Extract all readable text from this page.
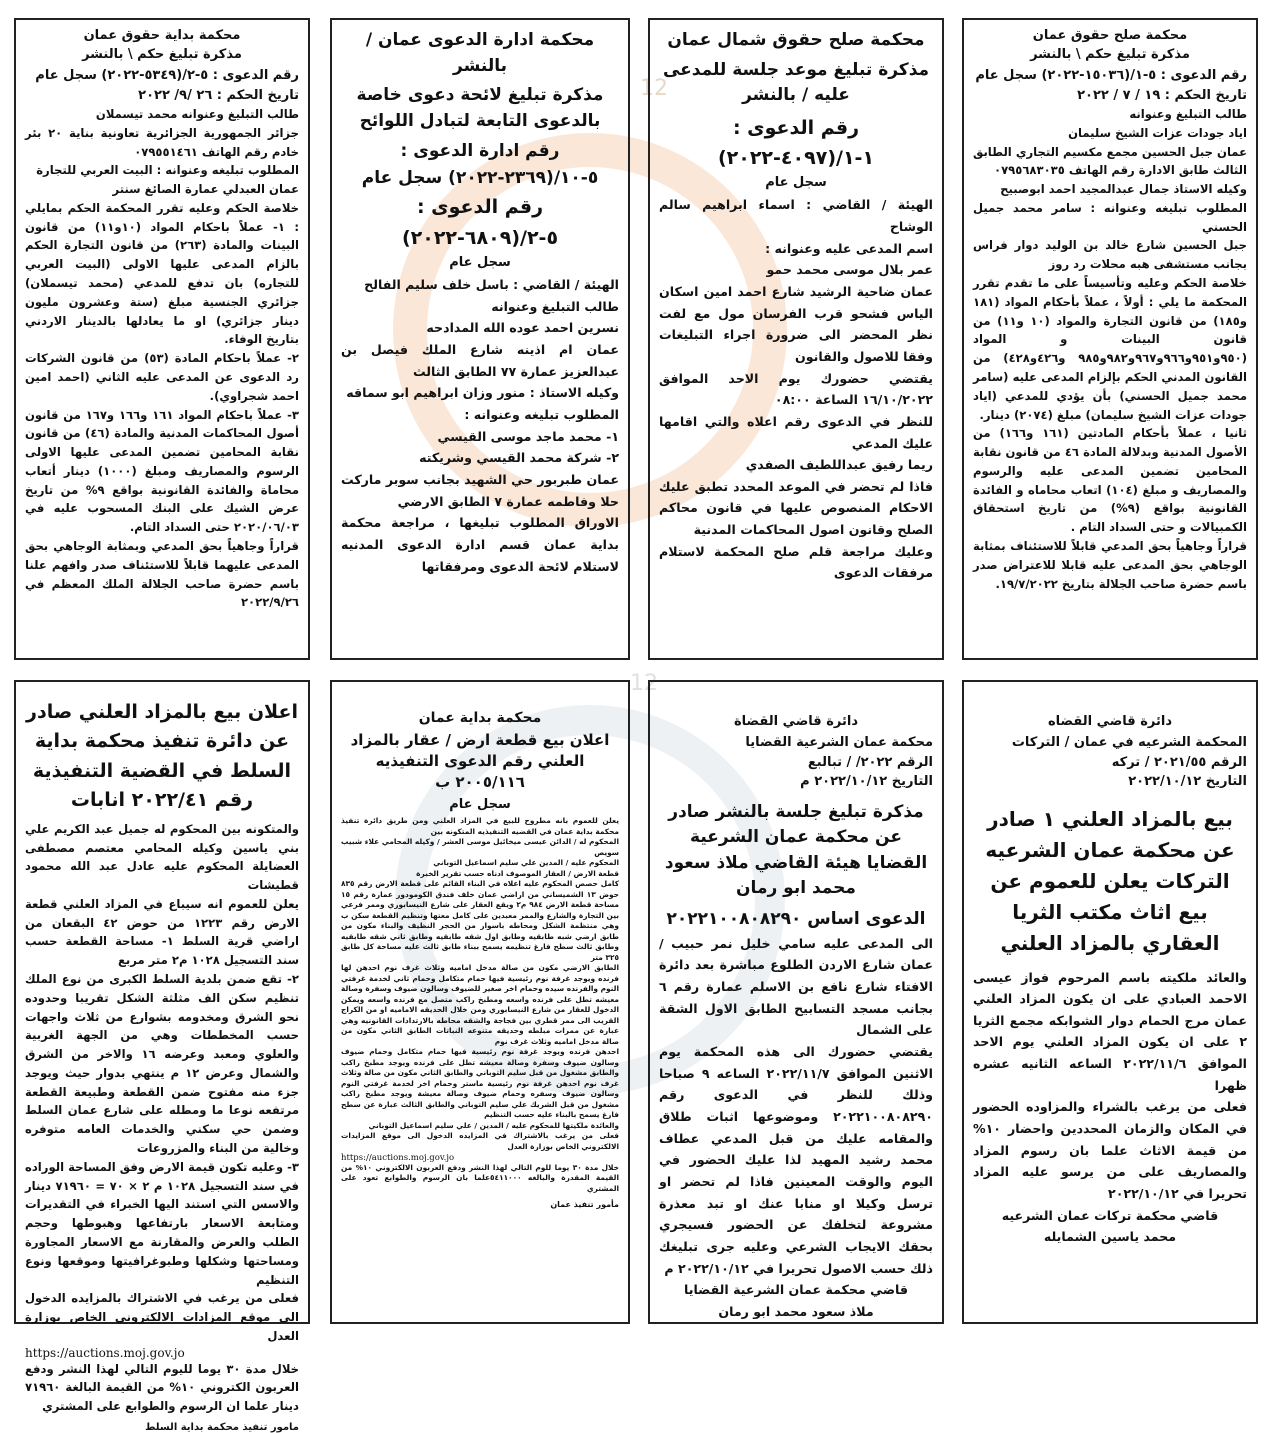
12
12
محكمة صلح حقوق عمان
مذكرة تبليغ حكم \ بالنشر
رقم الدعوى : ٥-١/(١٥٠٣٦-٢٠٢٢) سجل عام
تاريخ الحكم : ١٩ / ٧ / ٢٠٢٢

طالب التبليغ وعنوانه

اياد جودات عزات الشيخ سليمان

عمان جبل الحسين مجمع مكسيم التجاري الطابق الثالث طابق الادارة رقم الهاتف ٠٧٩٥٦٨٣٠٣٥

وكيله الاستاذ جمال عبدالمجيد احمد ابوصبيح

المطلوب تبليغه وعنوانه : سامر محمد جميل الحسني

جبل الحسين شارع خالد بن الوليد دوار فراس بجانب مستشفى هبه محلات رد روز

خلاصة الحكم وعليه وتأسيساً على ما تقدم تقرر المحكمة ما يلي : أولاً ، عملاً بأحكام المواد (١٨١ و١٨٥) من قانون التجارة والمواد (١٠ و١١) من قانون البينات و المواد (٩٥٠و٩٥١و٩٦٦و٩٦٧و٩٨٢و٩٨٥ و٤٢٦و٤٢٨) من القانون المدني الحكم بإلزام المدعى عليه (سامر محمد جميل الحسني) بأن يؤدي للمدعي (اياد جودات عزات الشيخ سليمان) مبلغ (٢٠٧٤) دينار.

ثانيا ، عملاً بأحكام المادتين (١٦١ و١٦٦) من الأصول المدنية وبدلالة المادة ٤٦ من قانون نقابة المحامين تضمين المدعى عليه والرسوم والمصاريف و مبلغ (١٠٤) اتعاب محاماه و الفائدة القانونية بواقع (٩%) من تاريخ استحقاق الكمبيالات و حتى السداد التام .

قراراً وجاهياً بحق المدعي قابلاً للاستئناف بمثابة الوجاهي بحق المدعى عليه قابلا للاعتراض صدر باسم حضرة صاحب الجلالة بتاريخ ١٩/٧/٢٠٢٢.

محكمة صلح حقوق شمال عمان
مذكرة تبليغ موعد جلسة للمدعى عليه / بالنشر
رقم الدعوى : ١-١/(٤٠٩٧-٢٠٢٢)
سجل عام

الهيئة / القاضي : اسماء ابراهيم سالم الوشاح

اسم المدعى عليه وعنوانه :

عمر بلال موسى محمد حمو

عمان ضاحية الرشيد شارع احمد امين اسكان الياس فشحو قرب الفرسان مول مع لفت نظر المحضر الى ضرورة اجراء التبليغات وفقا للاصول والقانون

يقتضي حضورك يوم الاحد الموافق ١٦/١٠/٢٠٢٢ الساعة ٠٨:٠٠

للنظر في الدعوى رقم اعلاه والتي اقامها عليك المدعي

ريما رفيق عبداللطيف الصفدي

فاذا لم تحضر في الموعد المحدد تطبق عليك الاحكام المنصوص عليها في قانون محاكم الصلح وقانون اصول المحاكمات المدنية

وعليك مراجعة قلم صلح المحكمة لاستلام مرفقات الدعوى

محكمة ادارة الدعوى عمان /بالنشر
مذكرة تبليغ لائحة دعوى خاصة بالدعوى التابعة لتبادل اللوائح
رقم ادارة الدعوى : ٥-١٠/(٢٣٦٩-٢٠٢٢) سجل عام
رقم الدعوى : ٥-٢/(٦٨٠٩-٢٠٢٢)
سجل عام

الهيئة / القاضي : باسل خلف سليم الفالح

طالب التبليغ وعنوانه

نسرين احمد عوده الله المدادحه

عمان ام اذينه شارع الملك فيصل بن عبدالعزيز عمارة ٧٧ الطابق الثالث

وكيله الاستاذ : منور وزان ابراهيم ابو سماقه

المطلوب تبليغه وعنوانه :

١- محمد ماجد موسى القيسي

٢- شركة محمد القيسي وشريكته

عمان طبربور حي الشهيد بجانب سوبر ماركت حلا وفاطمه عمارة ٧ الطابق الارضي

الاوراق المطلوب تبليغها ، مراجعة محكمة بداية عمان قسم ادارة الدعوى المدنيه لاستلام لائحة الدعوى ومرفقاتها

محكمة بداية حقوق عمان
مذكرة تبليغ حكم \ بالنشر
رقم الدعوى : ٥-٢/(٥٣٤٩-٢٠٢٢) سجل عام
تاريخ الحكم : ٢٦ /٩/ ٢٠٢٢

طالب التبليغ وعنوانه محمد تيسملان

جزائر الجمهورية الجزائرية تعاونية بناية ٢٠ بئر خادم رقم الهاتف ٠٧٩٥٥١٤٦١

المطلوب تبليغه وعنوانه : البيت العربي للتجارة

عمان العبدلي عمارة الصائغ سنتر

خلاصة الحكم وعليه تقرر المحكمة الحكم بمايلي : ١- عملاً باحكام المواد (١٠و١١) من قانون البينات والمادة (٢٦٣) من قانون التجارة الحكم بالزام المدعى عليها الاولى (البيت العربي للتجاره) بان تدفع للمدعي (محمد تيسملان) جزائري الجنسية مبلغ (ستة وعشرون مليون دينار جزائري) او ما يعادلها بالدينار الاردني بتاريخ الوفاء.

٢- عملاً باحكام المادة (٥٣) من قانون الشركات رد الدعوى عن المدعى عليه الثاني (احمد امين احمد شجراوي).

٣- عملاً باحكام المواد ١٦١ و١٦٦ و١٦٧ من قانون أصول المحاكمات المدنية والمادة (٤٦) من قانون نقابة المحامين تضمين المدعى عليها الاولى الرسوم والمصاريف ومبلغ (١٠٠٠) دينار أتعاب محاماة والفائدة القانونية بواقع ٩% من تاريخ عرض الشيك على البنك المسحوب عليه في ٢٠٢٠/٠٦/٠٣ حتى السداد التام.

قراراً وجاهياً بحق المدعي وبمثابة الوجاهي بحق المدعى عليهما قابلاً للاستئناف صدر وافهم علنا باسم حضرة صاحب الجلالة الملك المعظم في ٢٠٢٢/٩/٢٦

دائرة قاضي القضاه
المحكمة الشرعيه في عمان / التركات
الرقم ٢٠٢١/٥٥ / تركه
التاريخ ٢٠٢٢/١٠/١٢
بيع بالمزاد العلني ١ صادر عن محكمة عمان الشرعيه التركات يعلن للعموم عن بيع اثاث مكتب الثريا العقاري بالمزاد العلني

والعائد ملكيته باسم المرحوم فواز عيسى الاحمد العبادي على ان يكون المزاد العلني عمان مرج الحمام دوار الشوابكه مجمع الثريا ٢ على ان يكون المزاد العلني يوم الاحد الموافق ٢٠٢٢/١١/٦ الساعه الثانيه عشره ظهرا

فعلى من يرغب بالشراء والمزاوده الحضور في المكان والزمان المحددين واحضار ١٠% من قيمة الاثاث علما بان رسوم المزاد والمصاريف على من يرسو عليه المزاد تحريرا في ٢٠٢٢/١٠/١٢

قاضي محكمة تركات عمان الشرعيه

محمد ياسين الشمايله

دائرة قاضي القضاة
محكمة عمان الشرعية القضايا
الرقم ٢٠٢٢/ / تبالبع
التاريخ ٢٠٢٢/١٠/١٢ م
مذكرة تبليغ جلسة بالنشر صادر عن محكمة عمان الشرعية القضايا هيئة القاضي ملاذ سعود محمد ابو رمان
الدعوى اساس ٢٠٢٢١٠٠٨٠٨٢٩٠

الى المدعى عليه سامي خليل نمر حبيب / عمان شارع الاردن الطلوع مباشرة بعد دائرة الافتاء شارع نافع بن الاسلم عمارة رقم ٦ بجانب مسجد التسابيح الطابق الاول الشقة على الشمال

يقتضي حضورك الى هذه المحكمة يوم الاثنين الموافق ٢٠٢٢/١١/٧ الساعه ٩ صباحا وذلك للنظر في الدعوى رقم ٢٠٢٢١٠٠٨٠٨٢٩٠ وموضوعها اثبات طلاق والمقامه عليك من قبل المدعي عطاف محمد رشيد المهيد لذا عليك الحضور في اليوم والوقت المعينين فاذا لم تحضر او ترسل وكيلا او منابا عنك او تبد معذرة مشروعة لتخلفك عن الحضور فسيجري بحقك الايجاب الشرعي وعليه جرى تبليغك ذلك حسب الاصول تحريرا في ٢٠٢٢/١٠/١٢ م

قاضي محكمة عمان الشرعية القضايا

ملاذ سعود محمد ابو رمان

محكمة بداية عمان
اعلان بيع قطعة ارض / عقار بالمزاد العلني رقم الدعوى التنفيذيه ٢٠٠٥/١١٦ ب
سجل عام

يعلن للعموم بانه مطروح للبيع في المزاد العلني ومن طريق دائرة تنفيذ محكمة بداية عمان في القضيه التنفيذيه المتكونه بين

المحكوم له / الدائن عيسى ميخائيل موسى العشر / وكيله المحامي علاء شبيب سويص

المحكوم عليه / المدين علي سليم اسماعيل التوباني

قطعة الارض / العقار الموصوف ادناه حسب تقرير الخبرة

كامل حصص المحكوم عليه اعلاه في البناء القائم على قطعة الارض رقم ٨٣٥ حوض ١٣ الشميساني من اراضي عمان خلف فندق الكومودور عمارة رقم ١٥ مساحة قطعة الارض ٩٨٤ م٢ ويقع العقار على شارع النيسابوري وممر فرعي بين التجارة والشارع والممر معبدين على كامل معتها وتنظيم القطعة سكن ب وهي منتظمة الشكل ومحاطه باسوار من الحجر النظيف والبناء مكون من طابق ارضي شبه طابقيه وطابق اول شقه طابقيه وطابق ثاني شقه طابقيه وطابق ثالث سطح فارغ تنظيمه يسمح ببناء طابق ثالث عليه مساحة كل طابق ٣٢٥ متر

الطابق الارضي مكون من صالة مدخل اماميه وثلاث غرف نوم احدهن لها فرنده ويوجد غرفة نوم رئيسية فيها حمام متكامل وحمام ثاني لخدمة غرفتي النوم والفرنده سيده وحمام اخر صغير للضيوف وسالون ضيوف وسفرة وصالة معيشه تطل على فرنده واسعه ومطبخ راكب متصل مع فرنده واسعه ويمكن الدخول للعقار من شارع النيسابوري ومن خلال الحديقه الاماميه او من الكراج القريب الى ممر قطري بين فجاجة والشقه محاطه بالارتدادات القانونيه وهي عبارة عن ممرات مبلطه وحديقه متنوعه النباتات الطابق الثاني مكون من صالة مدخل اماميه وثلاث غرف نوم

احدهن فرنده ويوجد غرفة نوم رئيسية فيها حمام متكامل وحمام ضيوف وسالون ضيوف وسفرة وصالة معيشه تطل على فرنده ويوجد مطبخ راكب والطابق مشغول من قبل سليم التوباني والطابق الثاني مكون من صالة وثلاث غرف نوم احدهن غرفة نوم رئيسية ماستر وحمام اخر لخدمة غرفتي النوم وسالون ضيوف وسفره وحمام ضيوف وصالة معيشة ويوجد مطبخ راكب مشغول من قبل الشريك علي سليم التوباني والطابق الثالث عبارة عن سطح فارغ يسمح بالبناء عليه حسب التنظيم

والعائدة ملكيتها للمحكوم عليه / المدين / علي سليم اسماعيل التوباني

فعلى من يرغب بالاشتراك في المزايده الدخول الى موقع المزايدات الالكتروني الخاص بوزارة العدل

https://auctions.moj.gov.jo

خلال مدة ٣٠ يوما للوم التالي لهذا النشر ودفع العربون الالكتروني ١٠% من القيمة المقدرة والبالغه ٥٤١١٠٠٠علما بان الرسوم والطوابع تعود على المشتري

مأمور تنفيذ عمان
اعلان بيع بالمزاد العلني صادر عن دائرة تنفيذ محكمة بداية السلط في القضية التنفيذية رقم ٢٠٢٢/٤١ انابات

والمتكونه بين المحكوم له جميل عبد الكريم علي بني ياسين وكيله المحامي معتصم مصطفى العضايلة المحكوم عليه عادل عبد الله محمود قطيشات

يعلن للعموم انه سيباع في المزاد العلني قطعة الارض رقم ١٢٢٣ من حوض ٤٢ البقعان من اراضي قرية السلط ١- مساحة القطعة حسب سند التسجيل ١٠٢٨ م٢ متر مربع

٢- تقع ضمن بلدية السلط الكبرى من نوع الملك تنظيم سكن الف مثلثة الشكل تقريبا وحدوده نحو الشرق ومخدومه بشوارع من ثلاث واجهات حسب المخططات وهي من الجهة الغربية والعلوي ومعبد وعرضه ١٦ والاخر من الشرق والشمال وعرض ١٢ م ينتهي بدوار حيث ويوجد جزء منه مفتوح ضمن القطعة وطبيعة القطعة مرتفعه نوعا ما ومطله على شارع عمان السلط وضمن حي سكني والخدمات العامه متوفره وخالية من البناء والمزروعات

٣- وعليه تكون قيمة الارض وفق المساحة الوراده في سند التسجيل ١٠٢٨ م ٢ × ٧٠ = ٧١٩٦٠ دينار والاسس التي استند اليها الخبراء في التقديرات ومتابعة الاسعار بارتفاعها وهبوطها وحجم الطلب والعرض والمقارنة مع الاسعار المجاورة ومساحتها وشكلها وطبوغرافيتها وموقعها ونوع التنظيم

فعلى من يرغب في الاشتراك بالمزايده الدخول الى موقع المزادات الالكتروني الخاص بوزارة العدل

https://auctions.moj.gov.jo

خلال مدة ٣٠ يوما لليوم التالي لهذا النشر ودفع العربون الكتروني ١٠% من القيمة البالغة ٧١٩٦٠ دينار علما ان الرسوم والطوابع على المشتري

مامور تنفيذ محكمة بداية السلط
